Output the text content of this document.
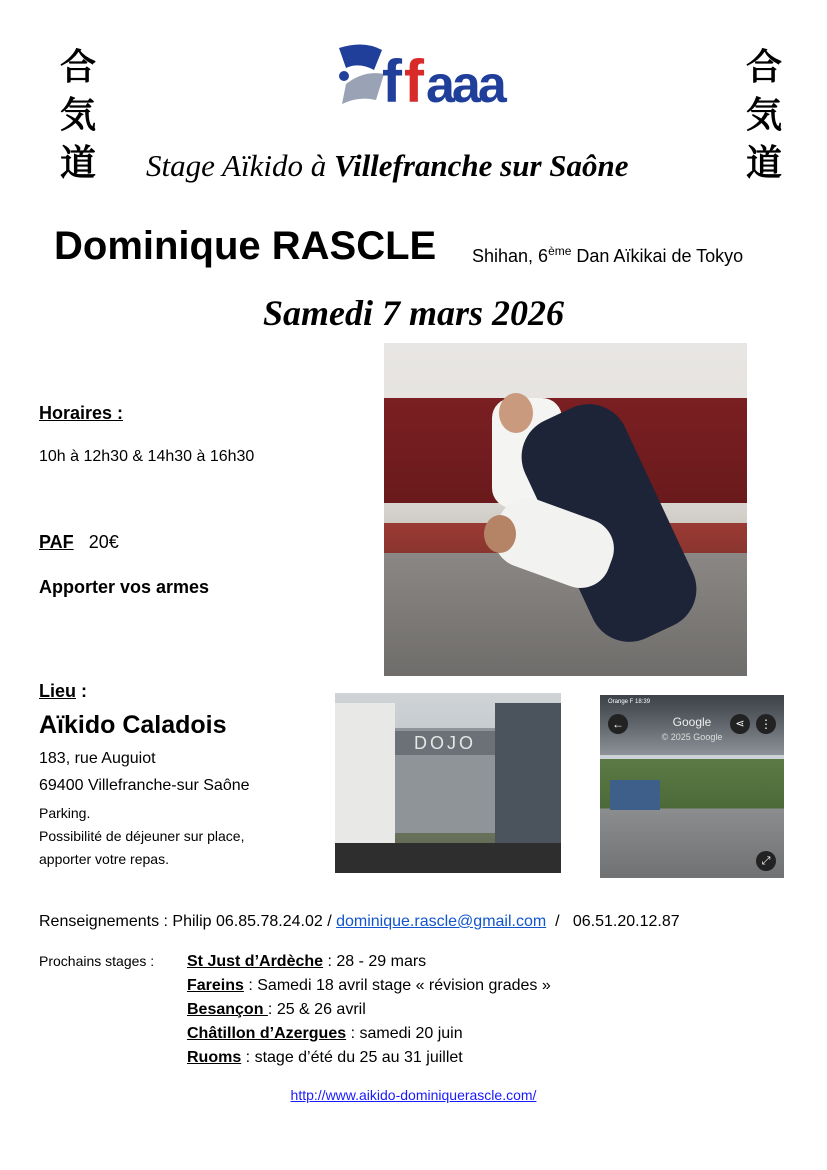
合
気
道
合
気
道
f f aaa
Stage Aïkido à Villefranche sur Saône
Dominique RASCLE Shihan, 6ème Dan Aïkikai de Tokyo
Samedi 7 mars 2026
Horaires :
10h à 12h30 & 14h30 à 16h30
PAF 20€
Apporter vos armes
Lieu :
Aïkido Caladois
183, rue Auguiot
69400 Villefranche-sur Saône
Parking.
Possibilité de déjeuner sur place,
apporter votre repas.
DOJO
Orange F 18:39
←	Google
© 2025 Google
⋖	⋮
⤢
Renseignements : Philip 06.85.78.24.02 / dominique.rascle@gmail.com  /   06.51.20.12.87
Prochains stages : St Just d’Ardèche : 28 - 29 mars
Fareins : Samedi 18 avril stage « révision grades »
Besançon : 25 & 26 avril
Châtillon d’Azergues : samedi 20 juin
Ruoms : stage d’été du 25 au 31 juillet
http://www.aikido-dominiquerascle.com/
